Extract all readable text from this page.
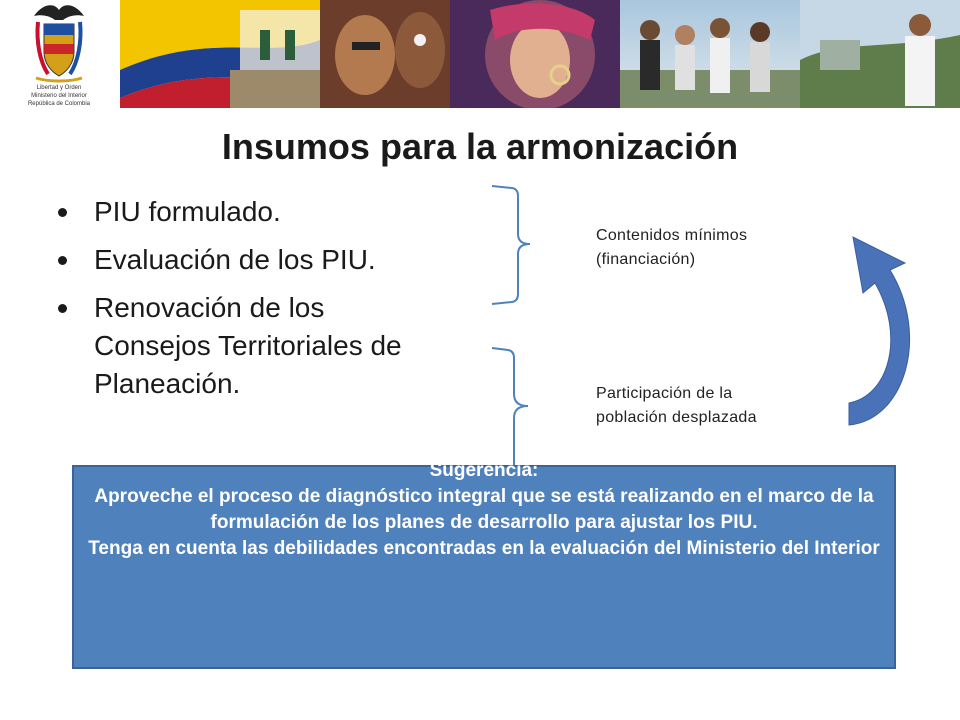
Libertad y Orden
Ministerio del Interior
República de Colombia
Insumos para la armonización
PIU formulado.
Evaluación de los PIU.
Renovación de los Consejos Territoriales de Planeación.
Contenidos mínimos
(financiación)
Participación de la
población desplazada
Sugerencia:
Aproveche el proceso de diagnóstico integral que se está realizando en el marco de la formulación de los planes de desarrollo para ajustar los PIU.
Tenga en cuenta las debilidades encontradas en la evaluación del Ministerio del Interior
